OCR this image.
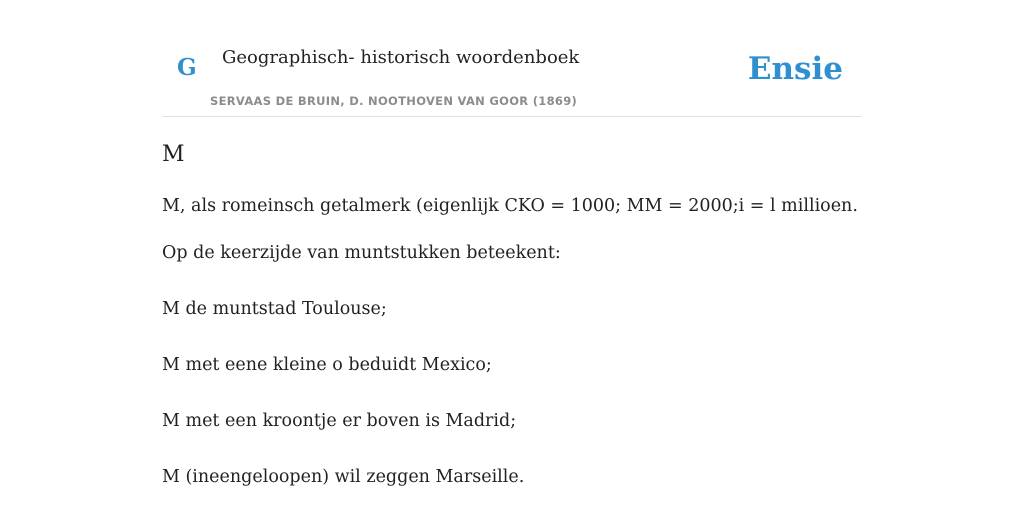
G Geographisch- historisch woordenboek
SERVAAS DE BRUIN, D. NOOTHOVEN VAN GOOR (1869)
Ensie
M

M, als romeinsch getalmerk (eigenlijk CKO = 1000; MM = 2000;i = l millioen.

Op de keerzijde van muntstukken beteekent:

M de muntstad Toulouse;

M met eene kleine o beduidt Mexico;

M met een kroontje er boven is Madrid;

M (ineengeloopen) wil zeggen Marseille.
